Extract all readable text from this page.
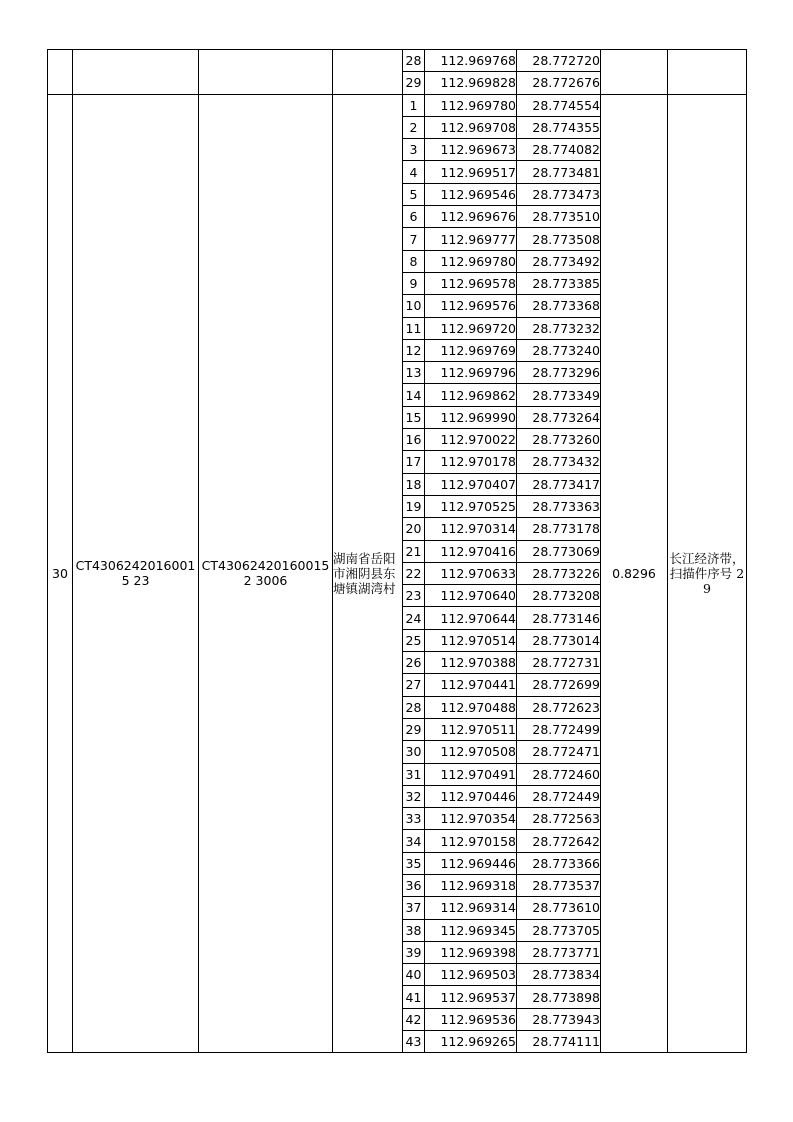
				28	112.969768	28.772720		
				29	112.969828	28.772676		
30	CT43062420160015 23	CT430624201600152 3006	湖南省岳阳市湘阴县东塘镇湖湾村	1	112.969780	28.774554	0.8296	长江经济带，扫描件序号 29
				2	112.969708	28.774355		
				3	112.969673	28.774082		
				4	112.969517	28.773481		
				5	112.969546	28.773473		
				6	112.969676	28.773510		
				7	112.969777	28.773508		
				8	112.969780	28.773492		
				9	112.969578	28.773385		
				10	112.969576	28.773368		
				11	112.969720	28.773232		
				12	112.969769	28.773240		
				13	112.969796	28.773296		
				14	112.969862	28.773349		
				15	112.969990	28.773264		
				16	112.970022	28.773260		
				17	112.970178	28.773432		
				18	112.970407	28.773417		
				19	112.970525	28.773363		
				20	112.970314	28.773178		
				21	112.970416	28.773069		
				22	112.970633	28.773226		
				23	112.970640	28.773208		
				24	112.970644	28.773146		
				25	112.970514	28.773014		
				26	112.970388	28.772731		
				27	112.970441	28.772699		
				28	112.970488	28.772623		
				29	112.970511	28.772499		
				30	112.970508	28.772471		
				31	112.970491	28.772460		
				32	112.970446	28.772449		
				33	112.970354	28.772563		
				34	112.970158	28.772642		
				35	112.969446	28.773366		
				36	112.969318	28.773537		
				37	112.969314	28.773610		
				38	112.969345	28.773705		
				39	112.969398	28.773771		
				40	112.969503	28.773834		
				41	112.969537	28.773898		
				42	112.969536	28.773943		
				43	112.969265	28.774111		
